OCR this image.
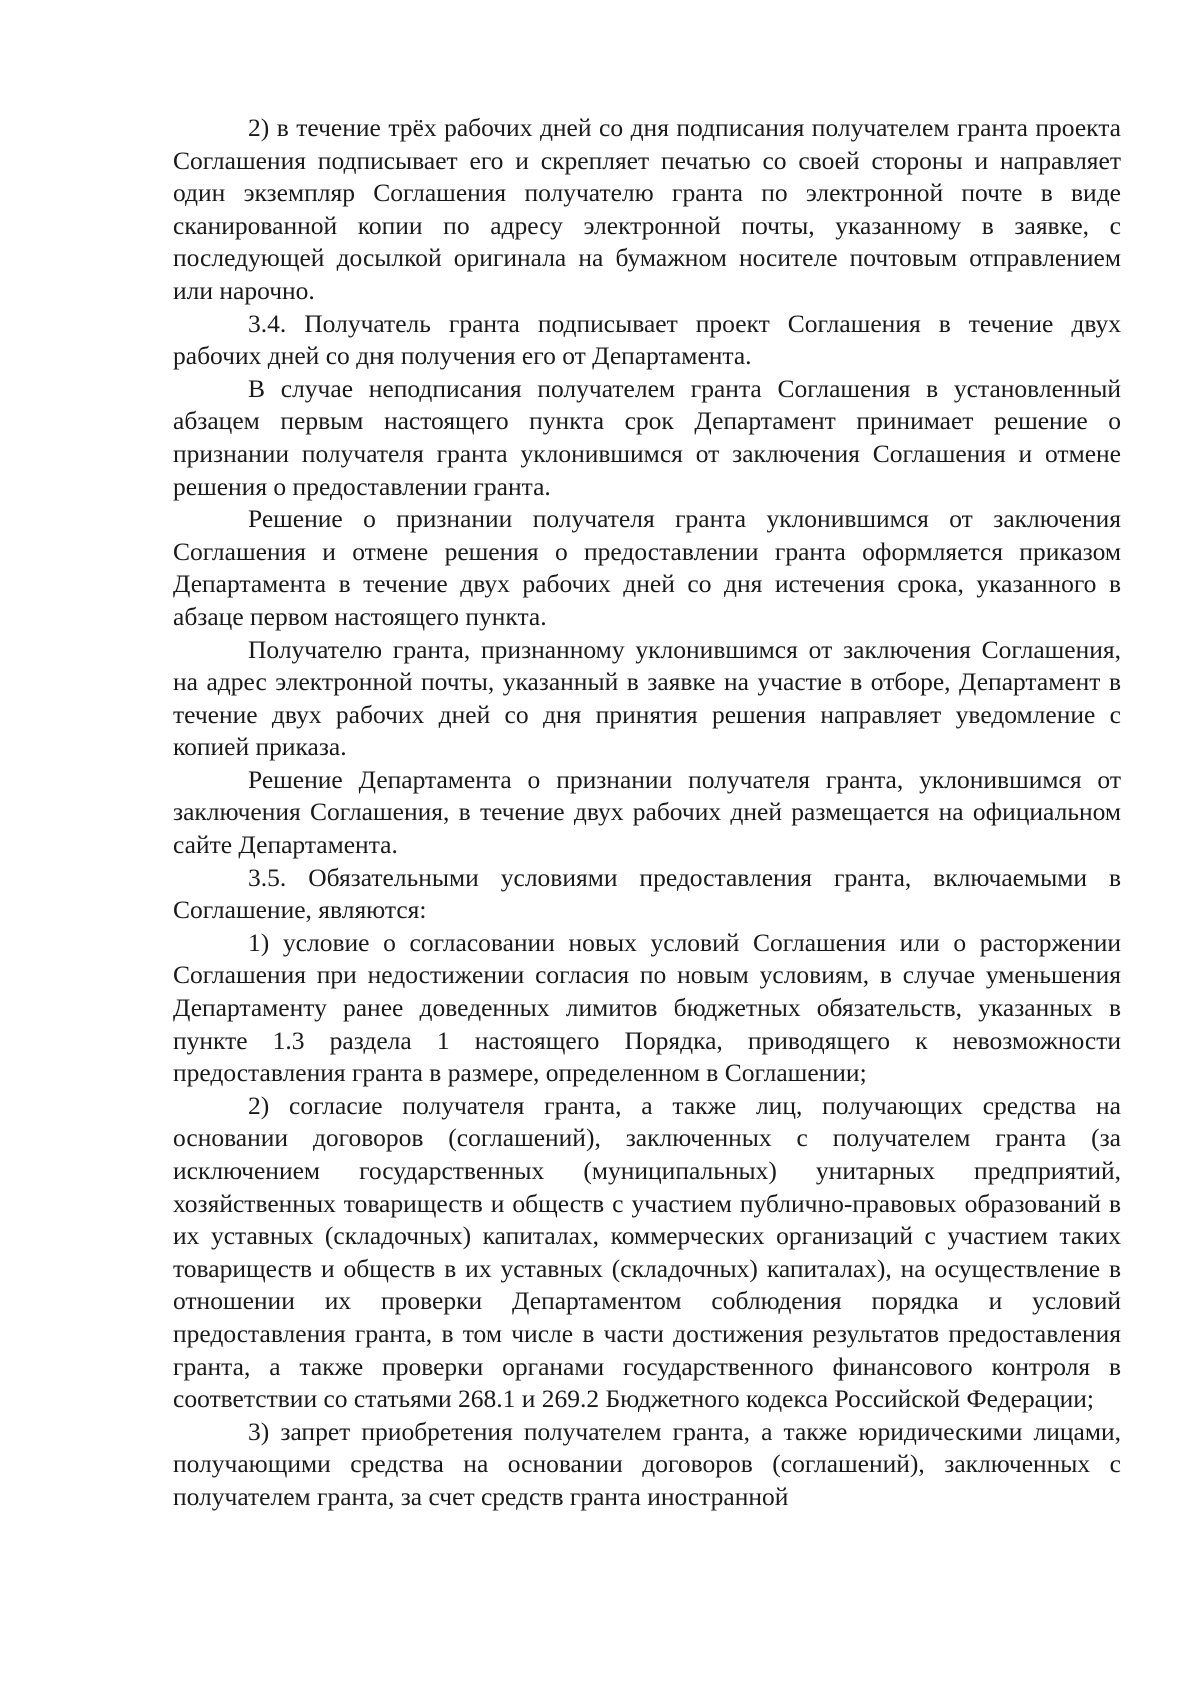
2) в течение трёх рабочих дней со дня подписания получателем гранта проекта Соглашения подписывает его и скрепляет печатью со своей стороны и направляет один экземпляр Соглашения получателю гранта по электронной почте в виде сканированной копии по адресу электронной почты, указанному в заявке, с последующей досылкой оригинала на бумажном носителе почтовым отправлением или нарочно.

3.4. Получатель гранта подписывает проект Соглашения в течение двух рабочих дней со дня получения его от Департамента.

В случае неподписания получателем гранта Соглашения в установленный абзацем первым настоящего пункта срок Департамент принимает решение о признании получателя гранта уклонившимся от заключения Соглашения и отмене решения о предоставлении гранта.

Решение о признании получателя гранта уклонившимся от заключения Соглашения и отмене решения о предоставлении гранта оформляется приказом Департамента в течение двух рабочих дней со дня истечения срока, указанного в абзаце первом настоящего пункта.

Получателю гранта, признанному уклонившимся от заключения Соглашения, на адрес электронной почты, указанный в заявке на участие в отборе, Департамент в течение двух рабочих дней со дня принятия решения направляет уведомление с копией приказа.

Решение Департамента о признании получателя гранта, уклонившимся от заключения Соглашения, в течение двух рабочих дней размещается на официальном сайте Департамента.

3.5. Обязательными условиями предоставления гранта, включаемыми в Соглашение, являются:

1) условие о согласовании новых условий Соглашения или о расторжении Соглашения при недостижении согласия по новым условиям, в случае уменьшения Департаменту ранее доведенных лимитов бюджетных обязательств, указанных в пункте 1.3 раздела 1 настоящего Порядка, приводящего к невозможности предоставления гранта в размере, определенном в Соглашении;

2) согласие получателя гранта, а также лиц, получающих средства на основании договоров (соглашений), заключенных с получателем гранта (за исключением государственных (муниципальных) унитарных предприятий, хозяйственных товариществ и обществ с участием публично-правовых образований в их уставных (складочных) капиталах, коммерческих организаций с участием таких товариществ и обществ в их уставных (складочных) капиталах), на осуществление в отношении их проверки Департаментом соблюдения порядка и условий предоставления гранта, в том числе в части достижения результатов предоставления гранта, а также проверки органами государственного финансового контроля в соответствии со статьями 268.1 и 269.2 Бюджетного кодекса Российской Федерации;

3) запрет приобретения получателем гранта, а также юридическими лицами, получающими средства на основании договоров (соглашений), заключенных с получателем гранта, за счет средств гранта иностранной
